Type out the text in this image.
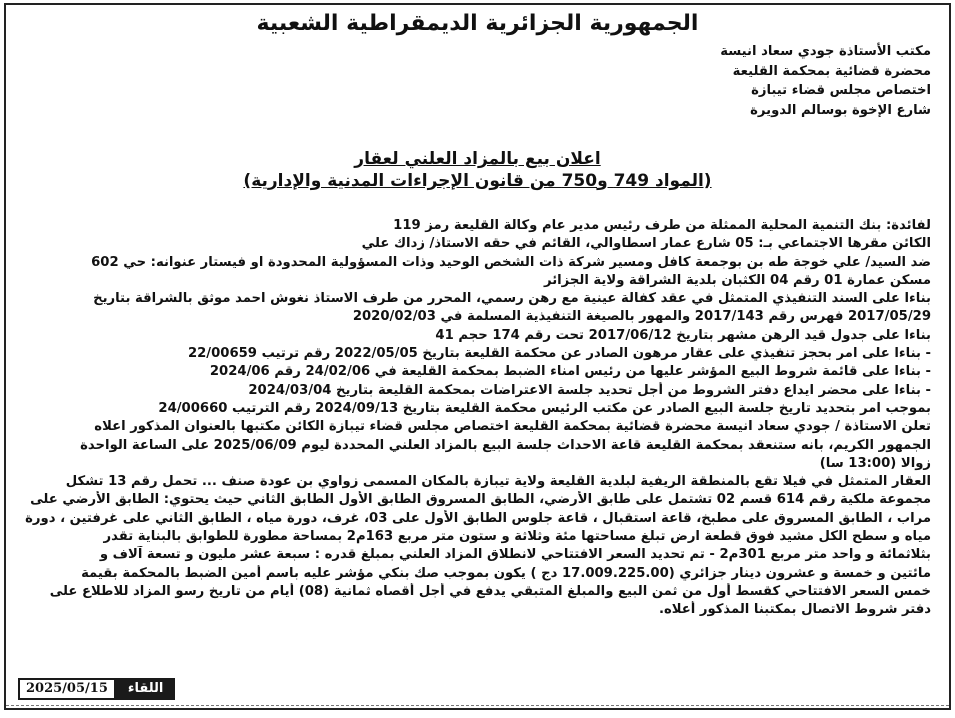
الجمهورية الجزائرية الديمقراطية الشعبية
مكتب الأستاذة جودي سعاد انيسة
محضرة قضائية بمحكمة القليعة
اختصاص مجلس قضاء تيبازة
شارع الإخوة بوسالم الدويرة
اعلان بيع بالمزاد العلني لعقار
(المواد 749 و750 من قانون الإجراءات المدنية والإدارية)
لفائدة: بنك التنمية المحلية الممثلة من طرف رئيس مدير عام وكالة القليعة رمز 119
الكائن مقرها الاجتماعي بـ: 05 شارع عمار اسطاوالي، القائم في حقه الاستاذ/ زداك علي
ضد السيد/ علي خوجة طه بن بوجمعة كافل ومسير شركة ذات الشخص الوحيد وذات المسؤولية المحدودة او فيستار عنوانه: حي 602
مسكن عمارة 01 رقم 04 الكثبان بلدية الشراقة ولاية الجزائر
بناءا على السند التنفيذي المتمثل في عقد كفالة عينية مع رهن رسمي، المحرر من طرف الاستاذ نغوش احمد موثق بالشراقة بتاريخ
2017/05/29 فهرس رقم 2017/143 والمهور بالصيغة التنفيذية المسلمة في 2020/02/03
بناءا على جدول قيد الرهن مشهر بتاريخ 2017/06/12 تحت رقم 174 حجم 41
- بناءا على امر بحجز تنفيذي على عقار مرهون الصادر عن محكمة القليعة بتاريخ 2022/05/05 رقم ترتيب 22/00659
- بناءا على قائمة شروط البيع المؤشر عليها من رئيس امناء الضبط بمحكمة القليعة في 24/02/06 رقم 2024/06
- بناءا على محضر ايداع دفتر الشروط من أجل تحديد جلسة الاعتراضات بمحكمة القليعة بتاريخ 2024/03/04
بموجب امر بتحديد تاريخ جلسة البيع الصادر عن مكتب الرئيس محكمة القليعة بتاريخ 2024/09/13 رقم الترتيب 24/00660
تعلن الاستاذة / جودي سعاد انيسة محضرة قضائية بمحكمة القليعة اختصاص مجلس قضاء تيبازة الكائن مكتبها بالعنوان المذكور اعلاه
الجمهور الكريم، بانه ستنعقد بمحكمة القليعة قاعة الاحداث جلسة البيع بالمزاد العلني المحددة ليوم 2025/06/09 على الساعة الواحدة
زوالا (13:00 سا)
العقار المتمثل في فيلا تقع بالمنطقة الريفية لبلدية القليعة ولاية تيبازة بالمكان المسمى زواوي بن عودة صنف ... تحمل رقم 13 تشكل
مجموعة ملكية رقم 614 قسم 02 تشتمل على طابق الأرضي، الطابق المسروق الطابق الأول الطابق الثاني حيث يحتوي: الطابق الأرضي على
مراب ، الطابق المسروق على مطبخ، قاعة استقبال ، قاعة جلوس الطابق الأول على 03، غرف، دورة مياه ، الطابق الثاني على غرفتين ، دورة
مياه و سطح الكل مشيد فوق قطعة ارض تبلغ مساحتها مئة وثلاثة و ستون متر مربع 163م2 بمساحة مطورة للطوابق بالبناية تقدر
بثلاثمائة و واحد متر مربع 301م2 - تم تحديد السعر الافتتاحي لانطلاق المزاد العلني بمبلغ قدره : سبعة عشر مليون و تسعة آلاف و
مائتين و خمسة و عشرون دينار جزائري (17.009.225.00 دج ) يكون بموجب صك بنكي مؤشر عليه باسم أمين الضبط بالمحكمة بقيمة
خمس السعر الافتتاحي كقسط أول من ثمن البيع والمبلغ المتبقي يدفع في أجل أقصاه ثمانية (08) أيام من تاريخ رسو المزاد للاطلاع على
دفتر شروط الاتصال بمكتبنا المذكور أعلاه.
اللقاء
2025/05/15
